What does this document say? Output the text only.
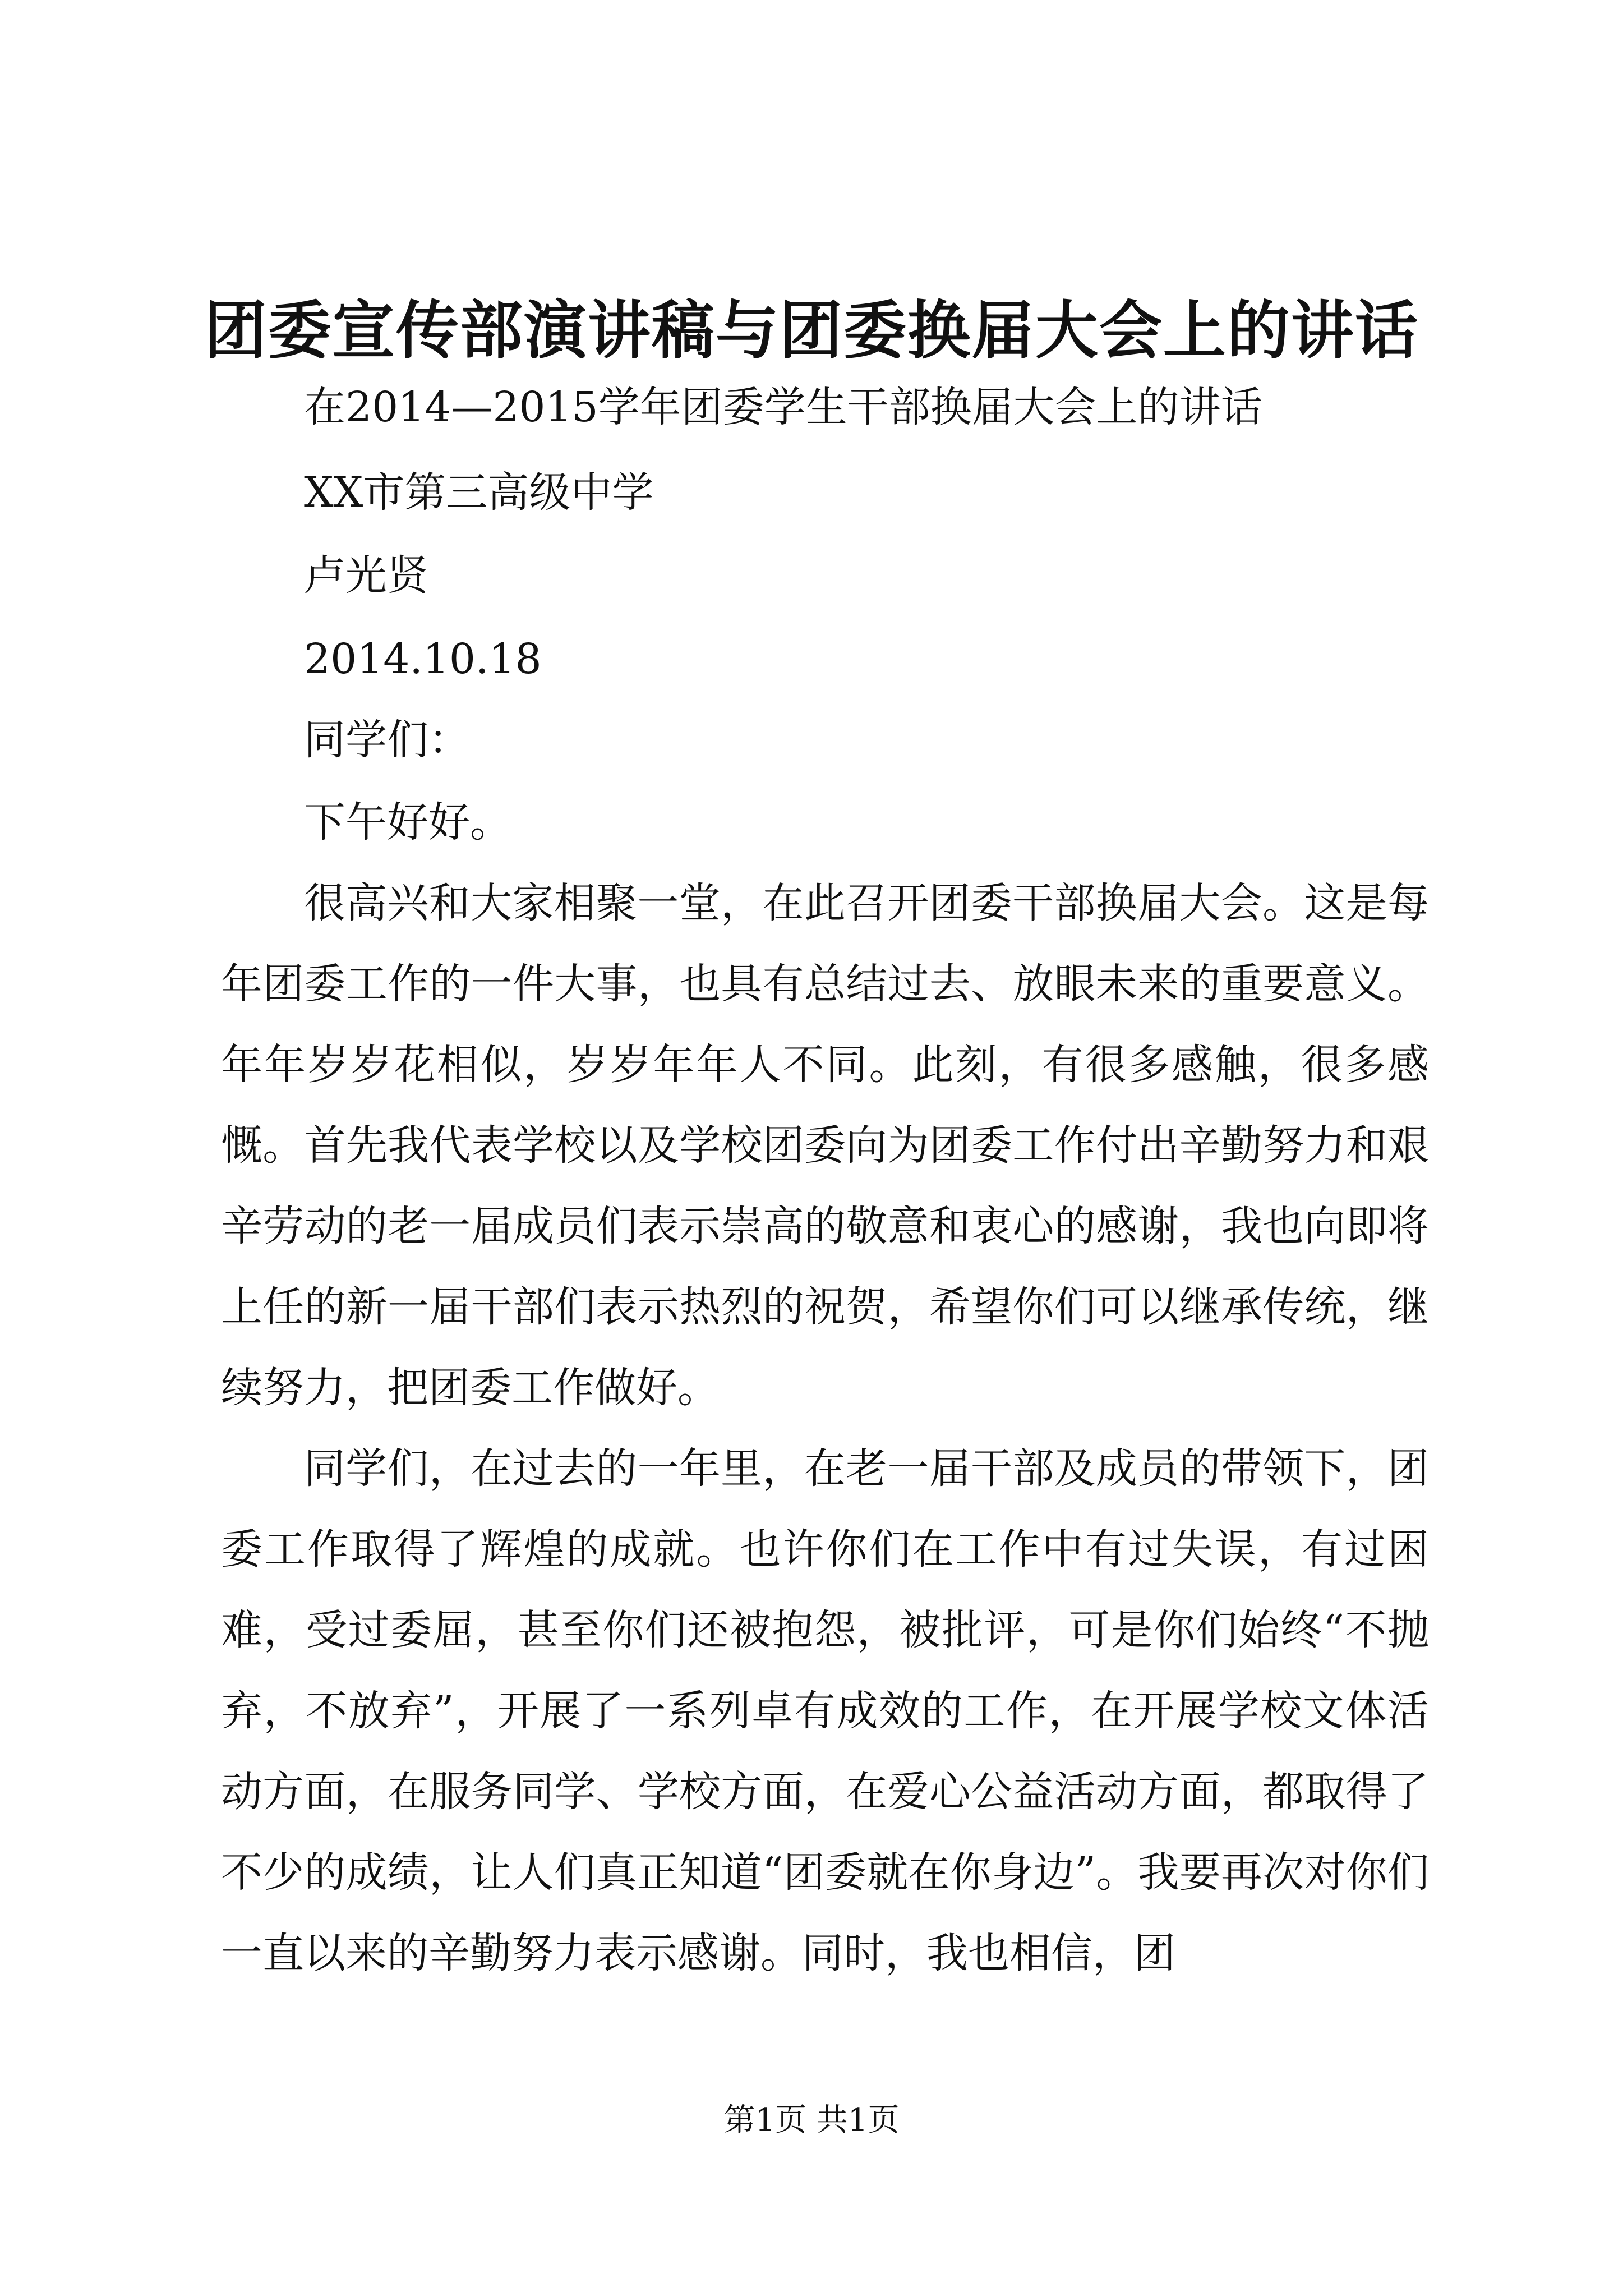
团委宣传部演讲稿与团委换届大会上的讲话

在2014—2015学年团委学生干部换届大会上的讲话

XX市第三高级中学

卢光贤

2014.10.18

同学们：

下午好好。

很高兴和大家相聚一堂，在此召开团委干部换届大会。这是每年团委工作的一件大事，也具有总结过去、放眼未来的重要意义。年年岁岁花相似，岁岁年年人不同。此刻，有很多感触，很多感慨。首先我代表学校以及学校团委向为团委工作付出辛勤努力和艰辛劳动的老一届成员们表示崇高的敬意和衷心的感谢，我也向即将上任的新一届干部们表示热烈的祝贺，希望你们可以继承传统，继续努力，把团委工作做好。

同学们，在过去的一年里，在老一届干部及成员的带领下，团委工作取得了辉煌的成就。也许你们在工作中有过失误，有过困难，受过委屈，甚至你们还被抱怨，被批评，可是你们始终“不抛弃，不放弃”，开展了一系列卓有成效的工作，在开展学校文体活动方面，在服务同学、学校方面，在爱心公益活动方面，都取得了不少的成绩，让人们真正知道“团委就在你身边”。我要再次对你们一直以来的辛勤努力表示感谢。同时，我也相信，团

第1页 共1页
